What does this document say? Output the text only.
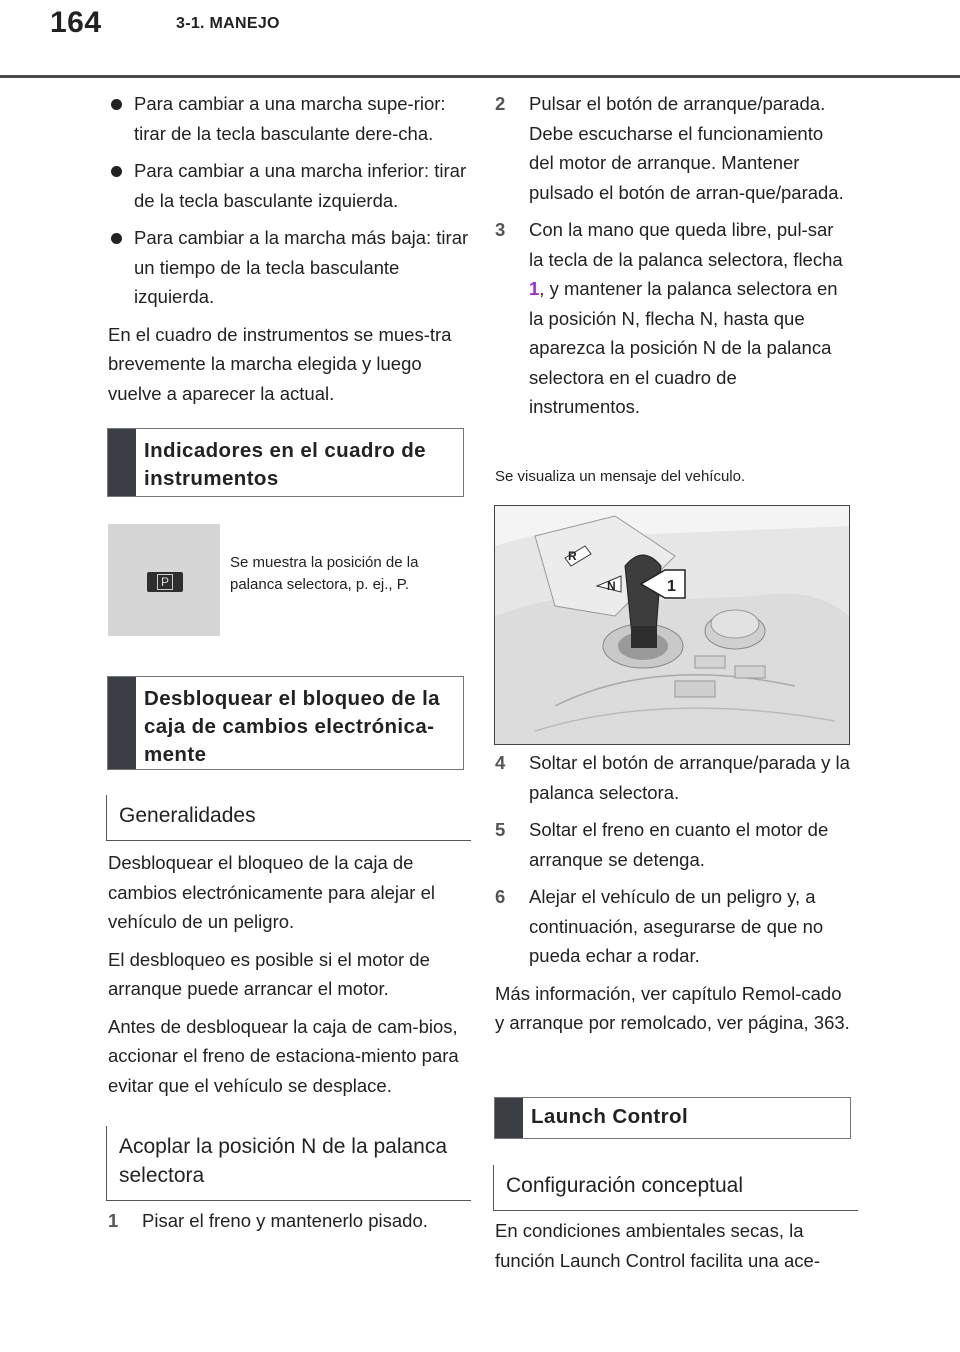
164	3-1. MANEJO
Para cambiar a una marcha supe-rior: tirar de la tecla basculante dere-cha.
Para cambiar a una marcha inferior: tirar de la tecla basculante izquierda.
Para cambiar a la marcha más baja: tirar un tiempo de la tecla basculante izquierda.
En el cuadro de instrumentos se mues-tra brevemente la marcha elegida y luego vuelve a aparecer la actual.
Indicadores en el cuadro de instrumentos
P
Se muestra la posición de la palanca selectora, p. ej., P.
Desbloquear el bloqueo de la caja de cambios electrónica-mente
Generalidades
Desbloquear el bloqueo de la caja de cambios electrónicamente para alejar el vehículo de un peligro.
El desbloqueo es posible si el motor de arranque puede arrancar el motor.
Antes de desbloquear la caja de cam-bios, accionar el freno de estaciona-miento para evitar que el vehículo se desplace.
Acoplar la posición N de la palanca selectora
1 Pisar el freno y mantenerlo pisado.
2 Pulsar el botón de arranque/parada. Debe escucharse el funcionamiento del motor de arranque. Mantener pulsado el botón de arran-que/parada.
3 Con la mano que queda libre, pul-sar la tecla de la palanca selectora, flecha 1, y mantener la palanca selectora en la posición N, flecha N, hasta que aparezca la posición N de la palanca selectora en el cuadro de instrumentos.
Se visualiza un mensaje del vehículo.
R
N	1
4 Soltar el botón de arranque/parada y la palanca selectora.
5 Soltar el freno en cuanto el motor de arranque se detenga.
6 Alejar el vehículo de un peligro y, a continuación, asegurarse de que no pueda echar a rodar.
Más información, ver capítulo Remol-cado y arranque por remolcado, ver página, 363.
Launch Control
Configuración conceptual
En condiciones ambientales secas, la función Launch Control facilita una ace-
